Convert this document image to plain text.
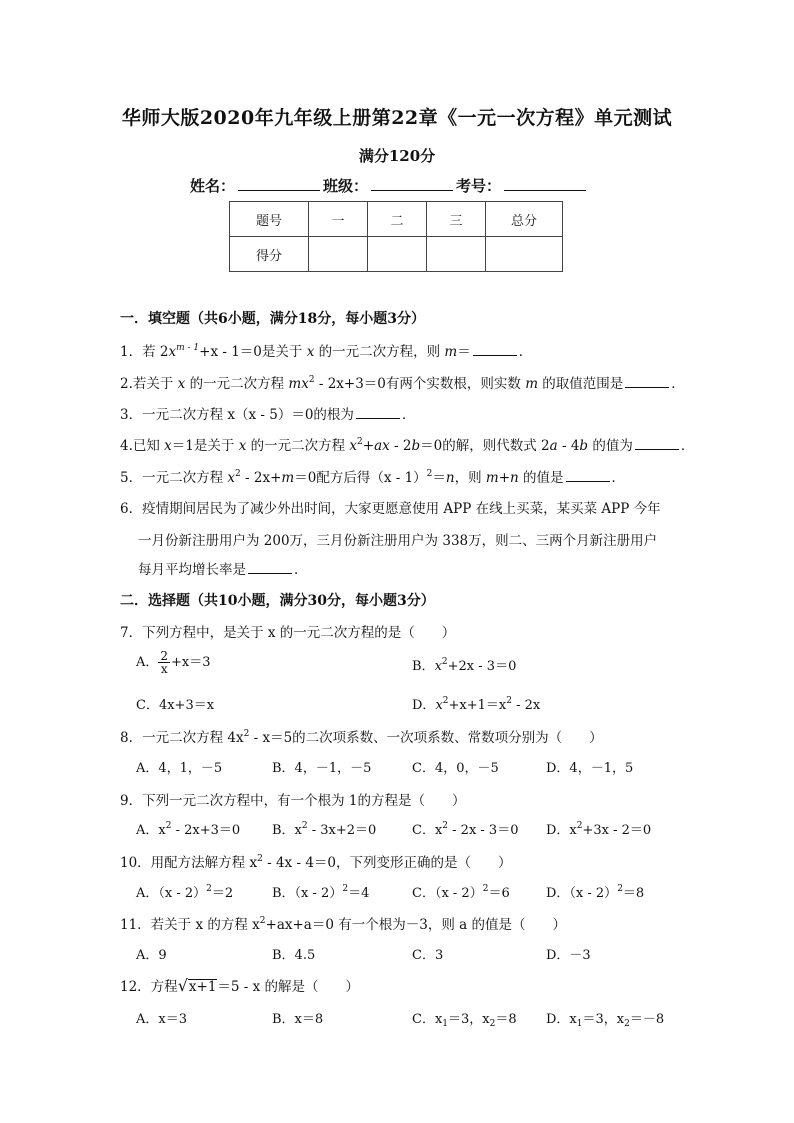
华师大版2020年九年级上册第22章《一元一次方程》单元测试
满分120分
姓名：	班级：	考号：
题号	一	二	三	总分
得分				
一．填空题（共6小题，满分18分，每小题3分）
1．若 $2x^{m - 1}+x - 1=0$是关于 x 的一元二次方程，则 m＝	．
2.若关于 x 的一元二次方程 $mx^2 - 2x+3=0$有两个实数根，则实数 m 的取值范围是	．
3．一元二次方程 x（x - 5）＝0的根为	．
4.已知 x＝1是关于 x 的一元二次方程 $x^2+ax - 2b=0$的解，则代数式 2a - 4b 的值为	．
5．一元二次方程 $x^2 - 2x+m=0$配方后得（x - 1）$^2$＝n，则 m+n 的值是	．
6．疫情期间居民为了减少外出时间，大家更愿意使用 APP 在线上买菜，某买菜 APP 今年
一月份新注册用户为 200万，三月份新注册用户为 338万，则二、三两个月新注册用户
每月平均增长率是	．
二．选择题（共10小题，满分30分，每小题3分）
7．下列方程中，是关于 x 的一元二次方程的是（　　）
A． $\frac{2}{x} +x=3$	B．$x^2+2x - 3=0$
C．4x+3＝x	D．$x^2+x+1=x^2 - 2x$
8．一元二次方程 $4x^2 - x=5$的二次项系数、一次项系数、常数项分别为（　　）
A．4，1，－5	B．4，－1，－5	C．4，0，－5	D．4，－1，5
9．下列一元二次方程中，有一个根为 1的方程是（　　）
A．$x^2 - 2x+3=0$ B．$x^2 - 3x+2=0$	C．$x^2 - 2x - 3=0$ D．$x^2+3x - 2=0$
10．用配方法解方程 $x^2 - 4x - 4=0$，下列变形正确的是（　　）
A．（x - 2）$^2$＝2	B．（x - 2）$^2$＝4	C．（x - 2）$^2$＝6	D．（x - 2）$^2$＝8
11．若关于 x 的方程 $x^2+ax+a=0$ 有一个根为－3，则 a 的值是（　　）
A．9	B．4.5	C．3	D．－3
12．方程√x+1＝5 - x 的解是（　　）
A．x＝3	B．x＝8	C．$x_1=3$，$x_2=8$ D．$x_1=3$，$x_2=-8$
